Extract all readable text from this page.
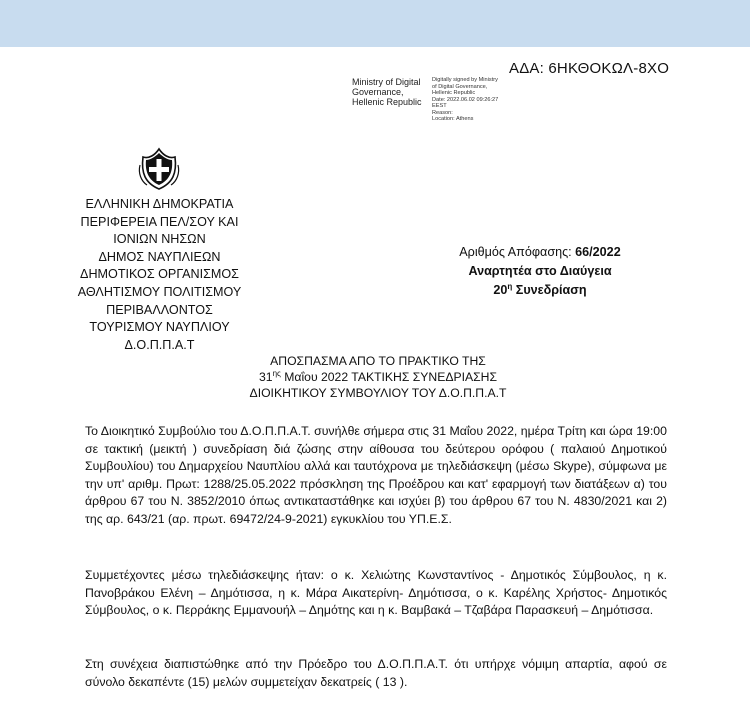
ΑΔΑ: 6ΗΚΘΟΚΩΛ-8ΧΟ
Ministry of Digital
Governance,
Hellenic Republic
Digitally signed by Ministry
of Digital Governance,
Hellenic Republic
Date: 2022.06.02 09:26:27
EEST
Reason:
Location: Athens
ΕΛΛΗΝΙΚΗ ΔΗΜΟΚΡΑΤΙΑ
ΠΕΡΙΦΕΡΕΙΑ ΠΕΛ/ΣΟΥ ΚΑΙ
ΙΟΝΙΩΝ ΝΗΣΩΝ
ΔΗΜΟΣ ΝΑΥΠΛΙΕΩΝ
ΔΗΜΟΤΙΚΟΣ ΟΡΓΑΝΙΣΜΟΣ
ΑΘΛΗΤΙΣΜΟΥ ΠΟΛΙΤΙΣΜΟΥ
ΠΕΡΙΒΑΛΛΟΝΤΟΣ
ΤΟΥΡΙΣΜΟΥ ΝΑΥΠΛΙΟΥ
Δ.Ο.Π.Π.Α.Τ
Αριθμός Απόφασης: 66/2022
Αναρτητέα στο Διαύγεια
$20^\eta$ Συνεδρίαση
ΑΠΟΣΠΑΣΜΑ ΑΠΟ ΤΟ ΠΡΑΚΤΙΚΟ ΤΗΣ
$31^{\eta\varsigma}$ Μαΐου 2022 ΤΑΚΤΙΚΗΣ ΣΥΝΕΔΡΙΑΣΗΣ
ΔΙΟΙΚΗΤΙΚΟΥ ΣΥΜΒΟΥΛΙΟΥ ΤΟΥ Δ.Ο.Π.Π.Α.Τ
Το Διοικητικό Συμβούλιο του Δ.Ο.Π.Π.Α.Τ. συνήλθε σήμερα στις 31 Μαΐου 2022, ημέρα Τρίτη και ώρα 19:00 σε τακτική (μεικτή ) συνεδρίαση διά ζώσης στην αίθουσα του δεύτερου ορόφου ( παλαιού Δημοτικού Συμβουλίου) του Δημαρχείου Ναυπλίου αλλά και ταυτόχρονα με τηλεδιάσκεψη (μέσω Skype), σύμφωνα με την υπ' αριθμ. Πρωτ: 1288/25.05.2022 πρόσκληση της Προέδρου και κατ' εφαρμογή των διατάξεων α) του άρθρου 67 του Ν. 3852/2010 όπως αντικαταστάθηκε και ισχύει β) του άρθρου 67 του Ν. 4830/2021 και 2) της αρ. 643/21 (αρ. πρωτ. 69472/24-9-2021) εγκυκλίου του ΥΠ.Ε.Σ.
Συμμετέχοντες μέσω τηλεδιάσκεψης ήταν: ο κ. Χελιώτης Κωνσταντίνος - Δημοτικός Σύμβουλος, η κ. Πανοβράκου Ελένη – Δημότισσα, η κ. Μάρα Αικατερίνη- Δημότισσα, ο κ. Καρέλης Χρήστος- Δημοτικός Σύμβουλος, ο κ. Περράκης Εμμανουήλ – Δημότης και η κ. Βαμβακά – Τζαβάρα Παρασκευή – Δημότισσα.
Στη συνέχεια διαπιστώθηκε από την Πρόεδρο του Δ.Ο.Π.Π.Α.Τ. ότι υπήρχε νόμιμη απαρτία, αφού σε σύνολο δεκαπέντε (15) μελών συμμετείχαν δεκατρείς ( 13 ).
